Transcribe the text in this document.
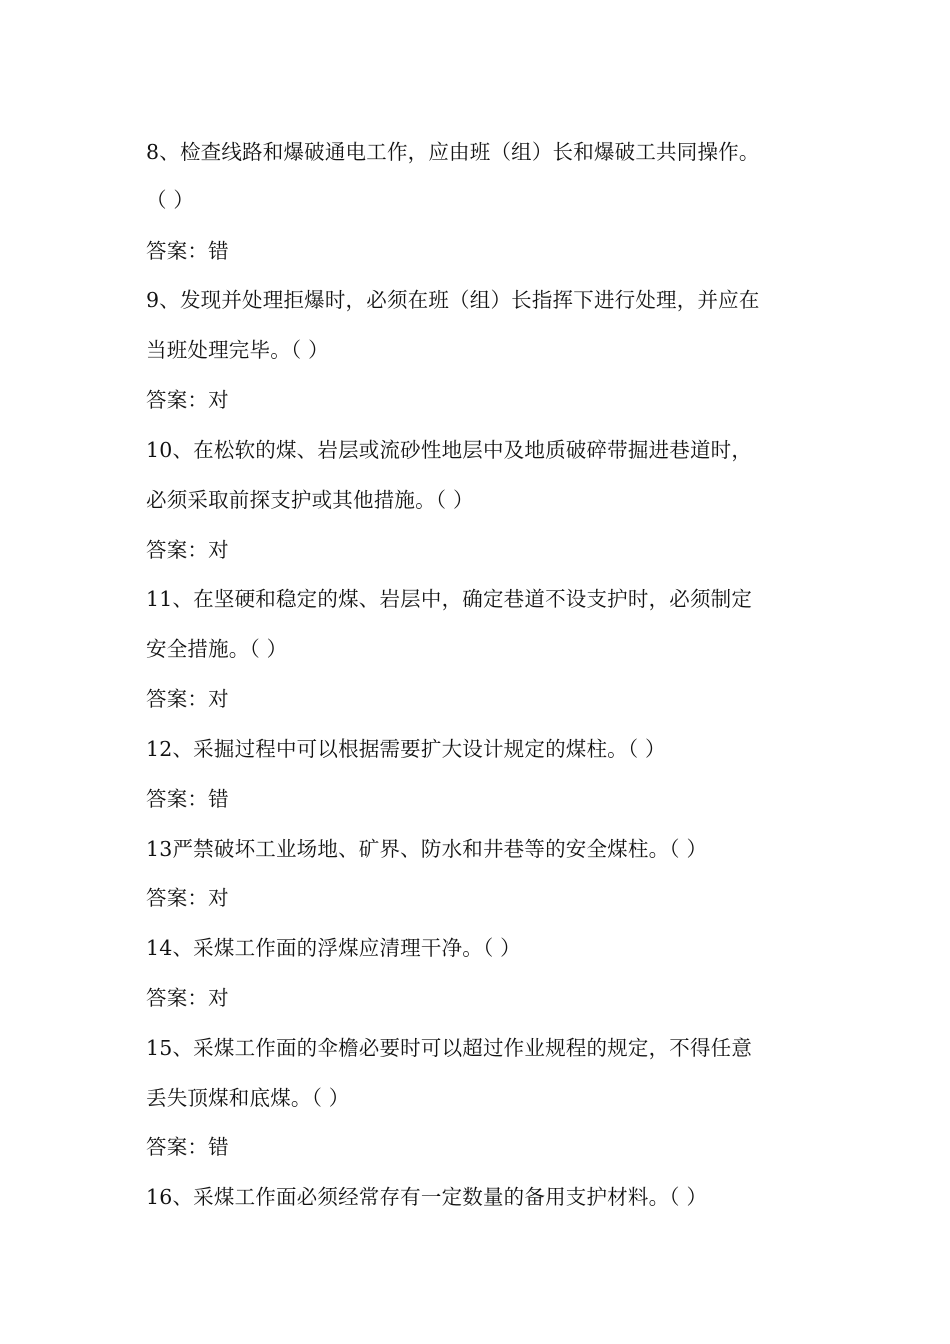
8、检查线路和爆破通电工作，应由班（组）长和爆破工共同操作。
（ ）
答案：错
9、发现并处理拒爆时，必须在班（组）长指挥下进行处理，并应在
当班处理完毕。（ ）
答案：对
10、在松软的煤、岩层或流砂性地层中及地质破碎带掘进巷道时，
必须采取前探支护或其他措施。（ ）
答案：对
11、在坚硬和稳定的煤、岩层中，确定巷道不设支护时，必须制定
安全措施。（ ）
答案：对
12、采掘过程中可以根据需要扩大设计规定的煤柱。（ ）
答案：错
13严禁破坏工业场地、矿界、防水和井巷等的安全煤柱。（ ）
答案：对
14、采煤工作面的浮煤应清理干净。（ ）
答案：对
15、采煤工作面的伞檐必要时可以超过作业规程的规定，不得任意
丢失顶煤和底煤。（ ）
答案：错
16、采煤工作面必须经常存有一定数量的备用支护材料。（ ）
